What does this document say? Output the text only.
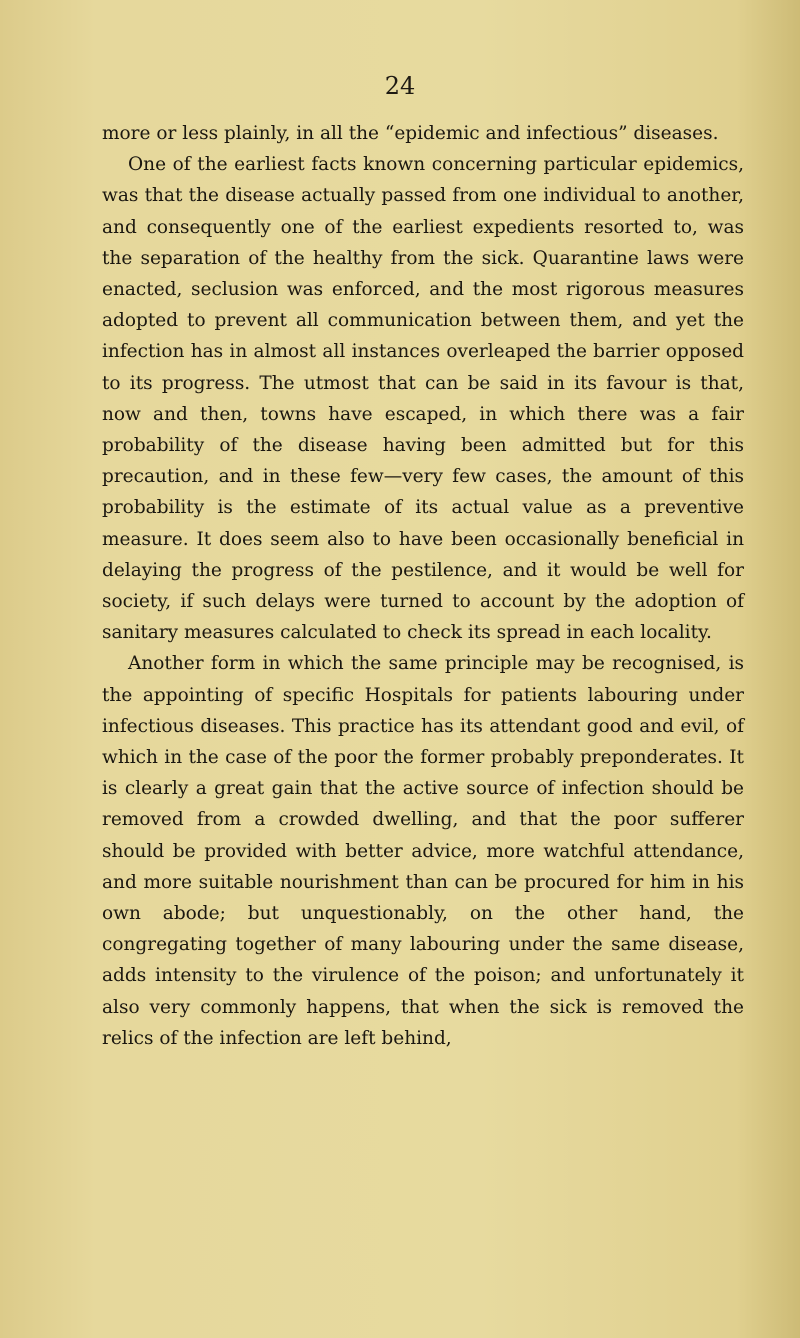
24

more or less plainly, in all the “epidemic and infectious” diseases.

One of the earliest facts known concerning particular epidemics, was that the disease actually passed from one individual to another, and consequently one of the earliest expedients resorted to, was the separation of the healthy from the sick. Quarantine laws were enacted, seclusion was enforced, and the most rigorous measures adopted to prevent all communication between them, and yet the infection has in almost all instances overleaped the barrier opposed to its progress. The utmost that can be said in its favour is that, now and then, towns have escaped, in which there was a fair probability of the disease having been admitted but for this precaution, and in these few—very few cases, the amount of this probability is the estimate of its actual value as a preventive measure. It does seem also to have been occasionally beneficial in delaying the progress of the pestilence, and it would be well for society, if such delays were turned to account by the adoption of sanitary measures calculated to check its spread in each locality.

Another form in which the same principle may be recognised, is the appointing of specific Hospitals for patients labouring under infectious diseases. This practice has its attendant good and evil, of which in the case of the poor the former probably preponderates. It is clearly a great gain that the active source of infection should be removed from a crowded dwelling, and that the poor sufferer should be provided with better advice, more watchful attendance, and more suitable nourishment than can be procured for him in his own abode; but unquestionably, on the other hand, the congregating together of many labouring under the same disease, adds intensity to the virulence of the poison; and unfortunately it also very commonly happens, that when the sick is removed the relics of the infection are left behind,
